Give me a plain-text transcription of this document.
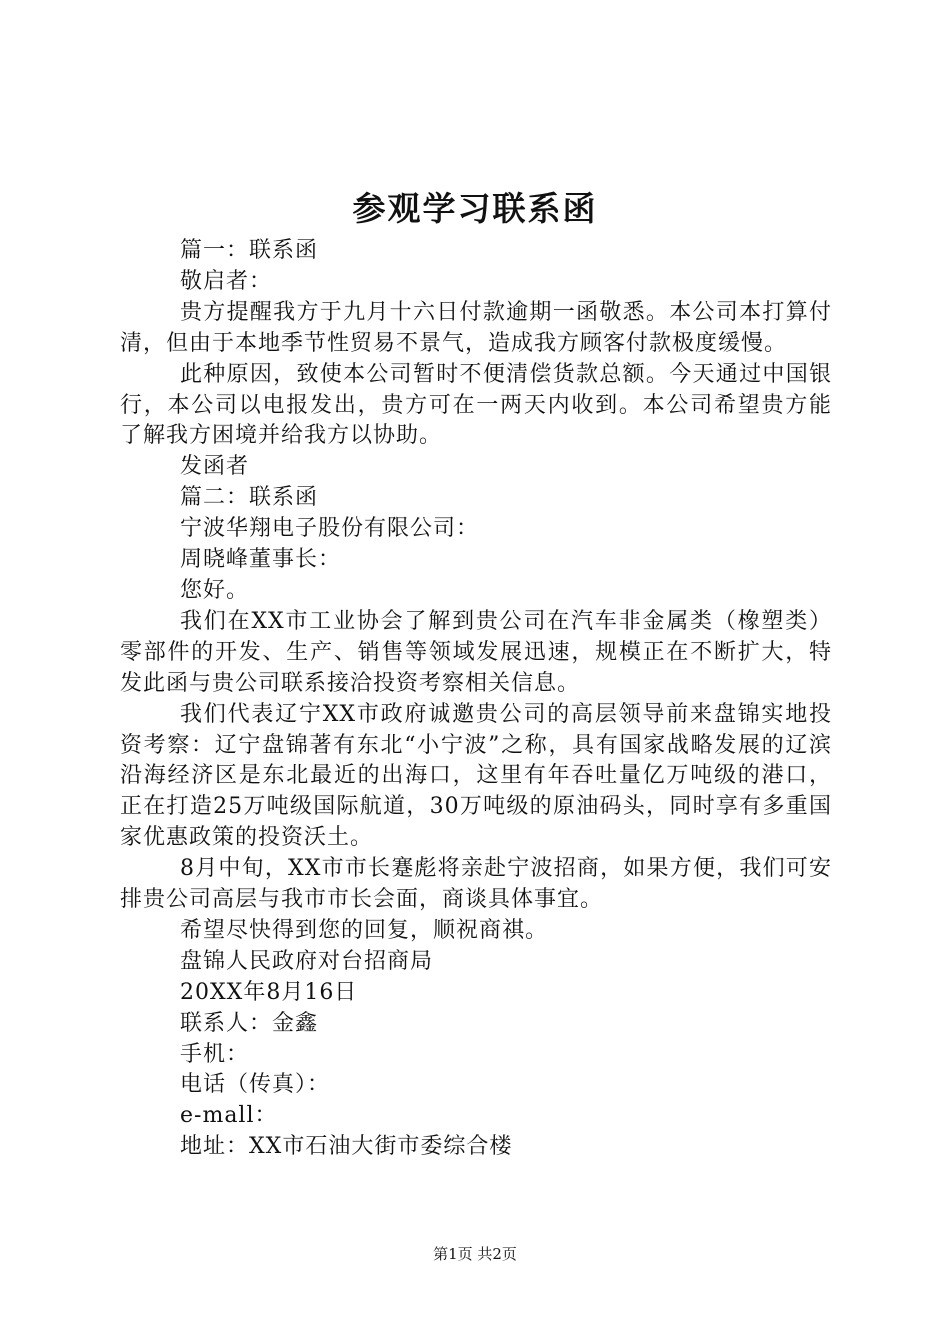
参观学习联系函

篇一：联系函

敬启者：

贵方提醒我方于九月十六日付款逾期一函敬悉。本公司本打算付清，但由于本地季节性贸易不景气，造成我方顾客付款极度缓慢。

此种原因，致使本公司暂时不便清偿货款总额。今天通过中国银行，本公司以电报发出，贵方可在一两天内收到。本公司希望贵方能了解我方困境并给我方以协助。

发函者

篇二：联系函

宁波华翔电子股份有限公司：

周晓峰董事长：

您好。

我们在XX市工业协会了解到贵公司在汽车非金属类（橡塑类）零部件的开发、生产、销售等领域发展迅速，规模正在不断扩大，特发此函与贵公司联系接洽投资考察相关信息。

我们代表辽宁XX市政府诚邀贵公司的高层领导前来盘锦实地投资考察：辽宁盘锦著有东北“小宁波”之称，具有国家战略发展的辽滨沿海经济区是东北最近的出海口，这里有年吞吐量亿万吨级的港口，正在打造25万吨级国际航道，30万吨级的原油码头，同时享有多重国家优惠政策的投资沃土。

8月中旬，XX市市长蹇彪将亲赴宁波招商，如果方便，我们可安排贵公司高层与我市市长会面，商谈具体事宜。

希望尽快得到您的回复，顺祝商祺。

盘锦人民政府对台招商局

20XX年8月16日

联系人：金鑫

手机：

电话（传真）：

e-mall：

地址：XX市石油大街市委综合楼

第1页 共2页
